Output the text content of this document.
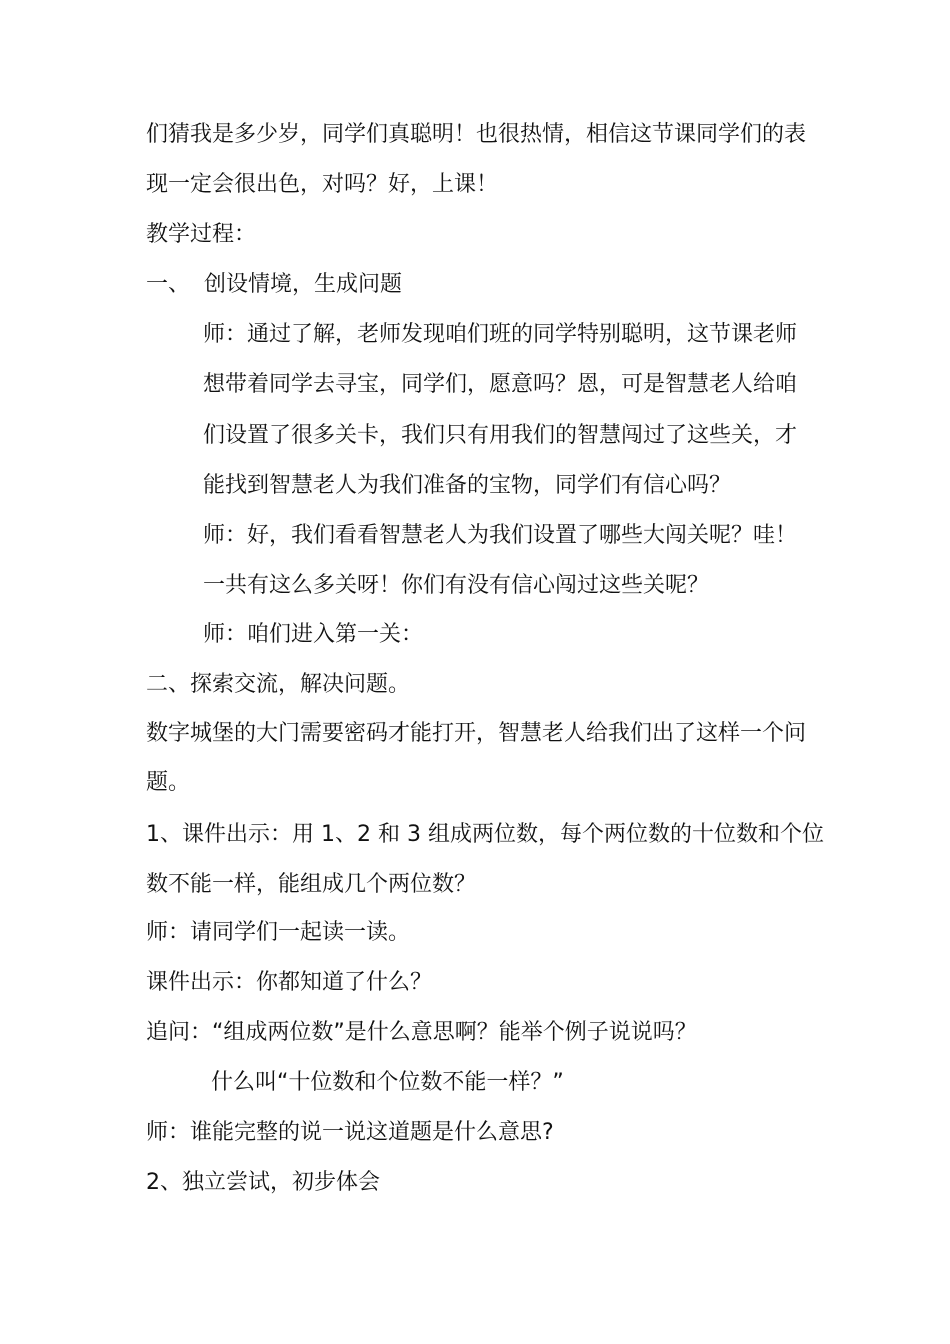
们猜我是多少岁，同学们真聪明！也很热情，相信这节课同学们的表

现一定会很出色，对吗？好，上课！

教学过程：

一、 创设情境，生成问题

师：通过了解，老师发现咱们班的同学特别聪明，这节课老师

想带着同学去寻宝，同学们，愿意吗？恩，可是智慧老人给咱

们设置了很多关卡，我们只有用我们的智慧闯过了这些关，才

能找到智慧老人为我们准备的宝物，同学们有信心吗？

师：好，我们看看智慧老人为我们设置了哪些大闯关呢？哇！

一共有这么多关呀！你们有没有信心闯过这些关呢？

师：咱们进入第一关：

二、探索交流，解决问题。

数字城堡的大门需要密码才能打开，智慧老人给我们出了这样一个问

题。

1、课件出示：用 1、2 和 3 组成两位数，每个两位数的十位数和个位

数不能一样，能组成几个两位数？

师：请同学们一起读一读。

课件出示：你都知道了什么？

追问：“组成两位数”是什么意思啊？能举个例子说说吗？

什么叫“十位数和个位数不能一样？”

师：谁能完整的说一说这道题是什么意思?

2、独立尝试，初步体会
